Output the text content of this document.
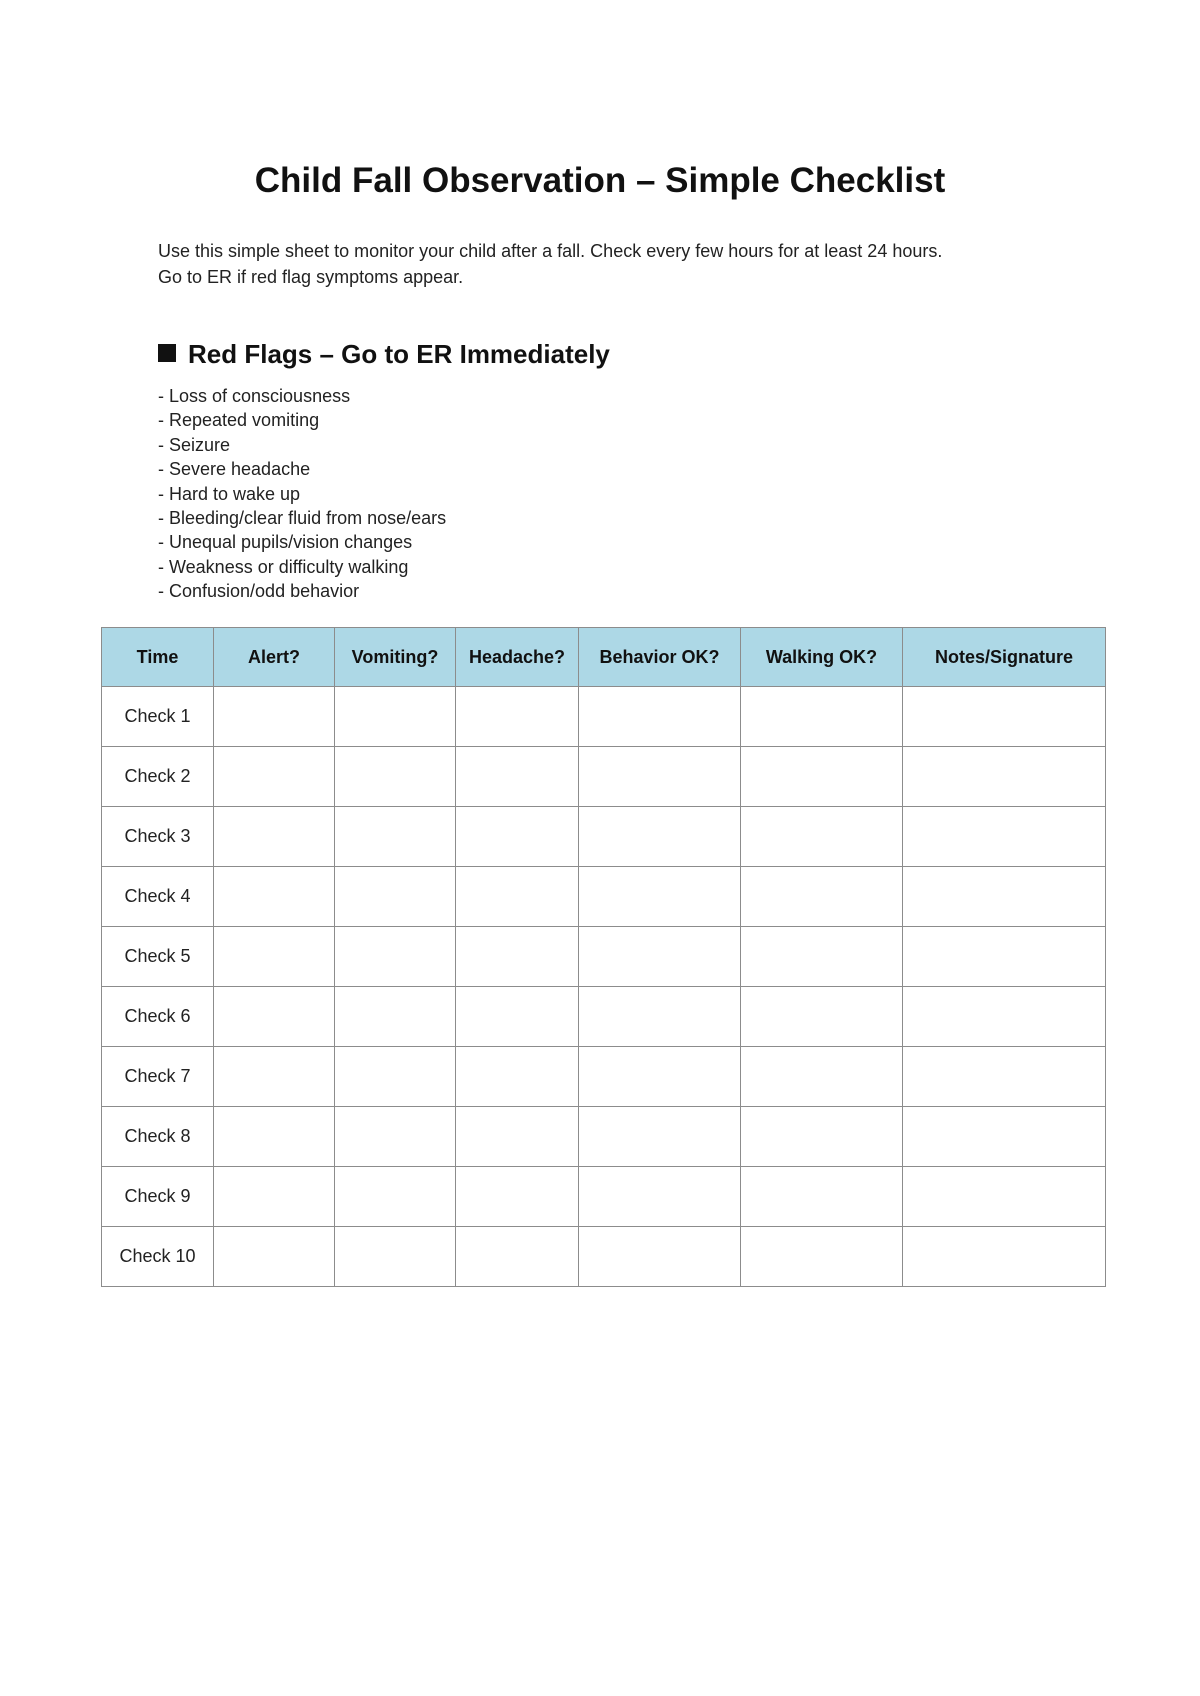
Child Fall Observation – Simple Checklist

Use this simple sheet to monitor your child after a fall. Check every few hours for at least 24 hours.
Go to ER if red flag symptoms appear.

Red Flags – Go to ER Immediately
- Loss of consciousness
- Repeated vomiting
- Seizure
- Severe headache
- Hard to wake up
- Bleeding/clear fluid from nose/ears
- Unequal pupils/vision changes
- Weakness or difficulty walking
- Confusion/odd behavior
Time	Alert?	Vomiting?	Headache?	Behavior OK?	Walking OK?	Notes/Signature
Check 1						
Check 2						
Check 3						
Check 4						
Check 5						
Check 6						
Check 7						
Check 8						
Check 9						
Check 10						
